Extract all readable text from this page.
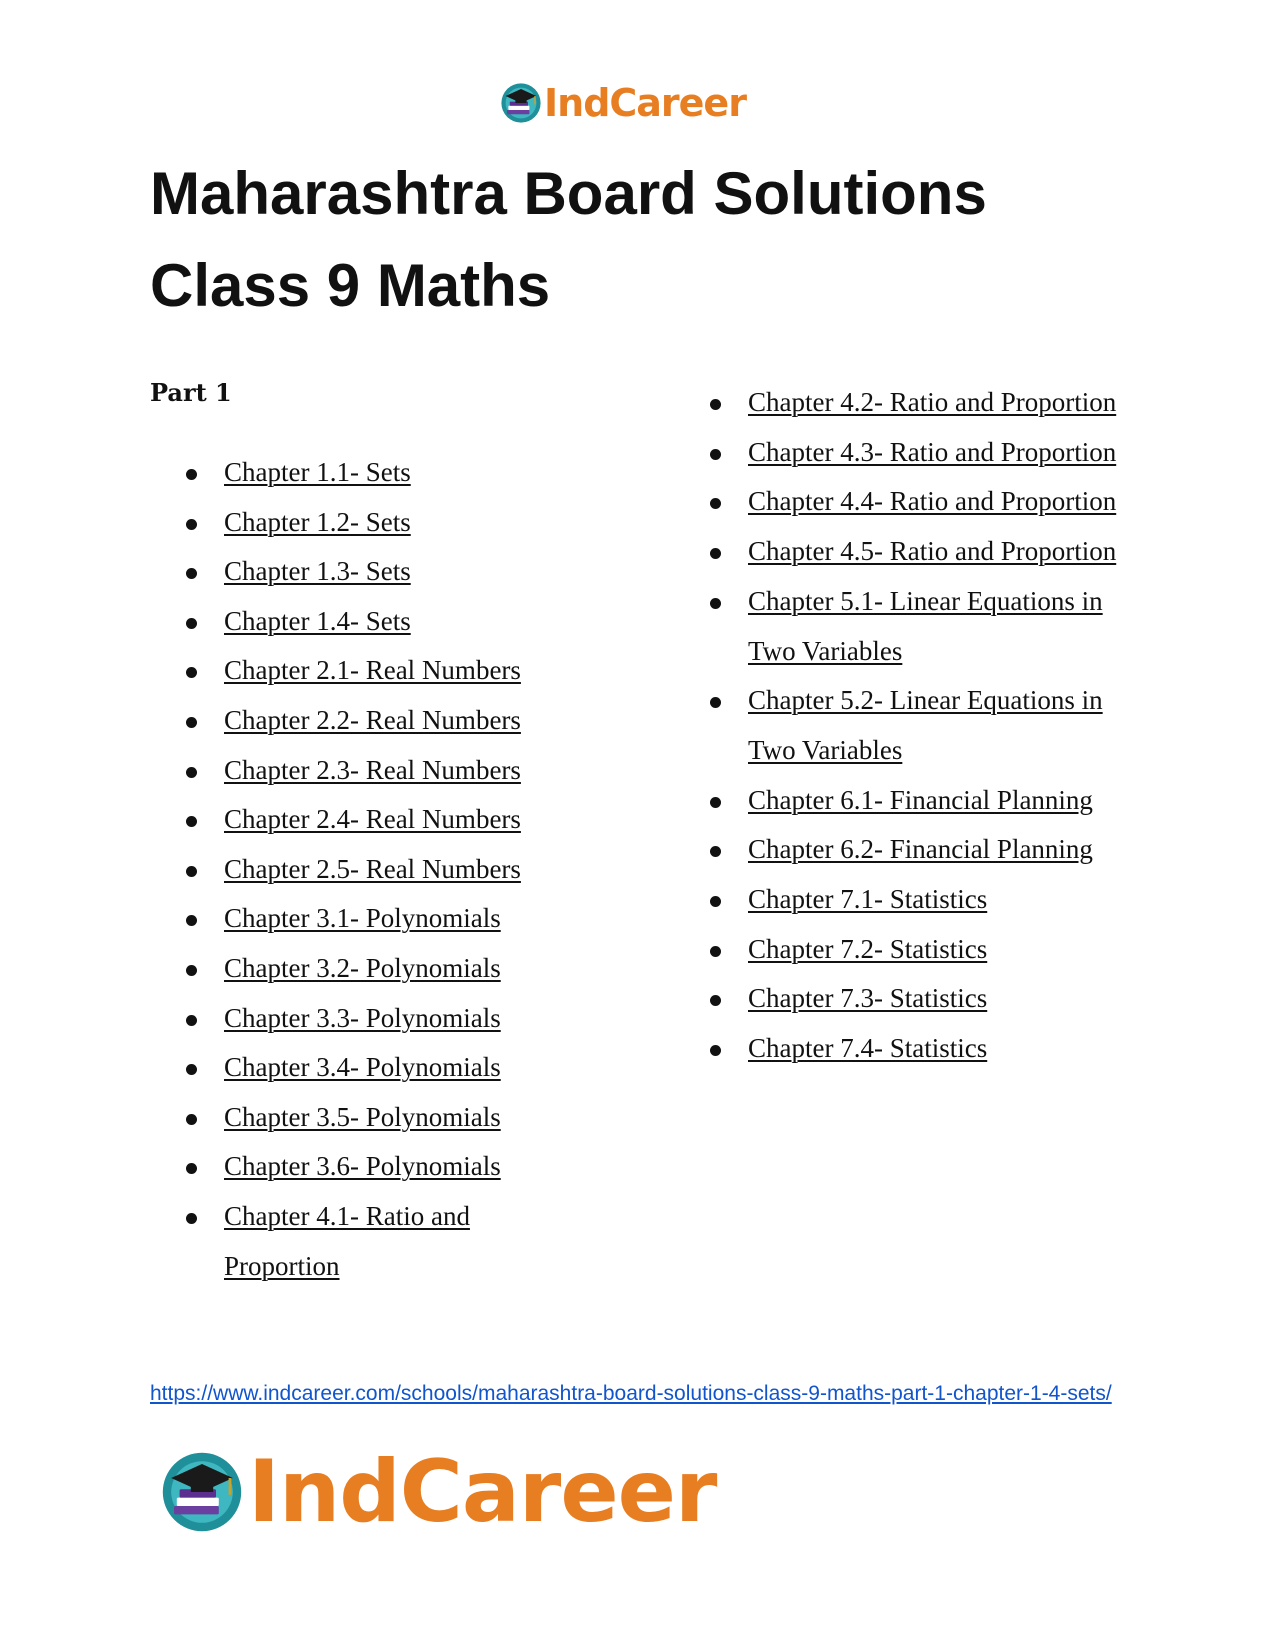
IndCareer
Maharashtra Board Solutions
Class 9 Maths
Part 1
Chapter 1.1- Sets
Chapter 1.2- Sets
Chapter 1.3- Sets
Chapter 1.4- Sets
Chapter 2.1- Real Numbers
Chapter 2.2- Real Numbers
Chapter 2.3- Real Numbers
Chapter 2.4- Real Numbers
Chapter 2.5- Real Numbers
Chapter 3.1- Polynomials
Chapter 3.2- Polynomials
Chapter 3.3- Polynomials
Chapter 3.4- Polynomials
Chapter 3.5- Polynomials
Chapter 3.6- Polynomials
Chapter 4.1- Ratio and Proportion
Chapter 4.2- Ratio and Proportion
Chapter 4.3- Ratio and Proportion
Chapter 4.4- Ratio and Proportion
Chapter 4.5- Ratio and Proportion
Chapter 5.1- Linear Equations in Two Variables
Chapter 5.2- Linear Equations in Two Variables
Chapter 6.1- Financial Planning
Chapter 6.2- Financial Planning
Chapter 7.1- Statistics
Chapter 7.2- Statistics
Chapter 7.3- Statistics
Chapter 7.4- Statistics

https://www.indcareer.com/schools/maharashtra-board-solutions-class-9-maths-part-1-chapter-1-4-sets/

IndCareer
